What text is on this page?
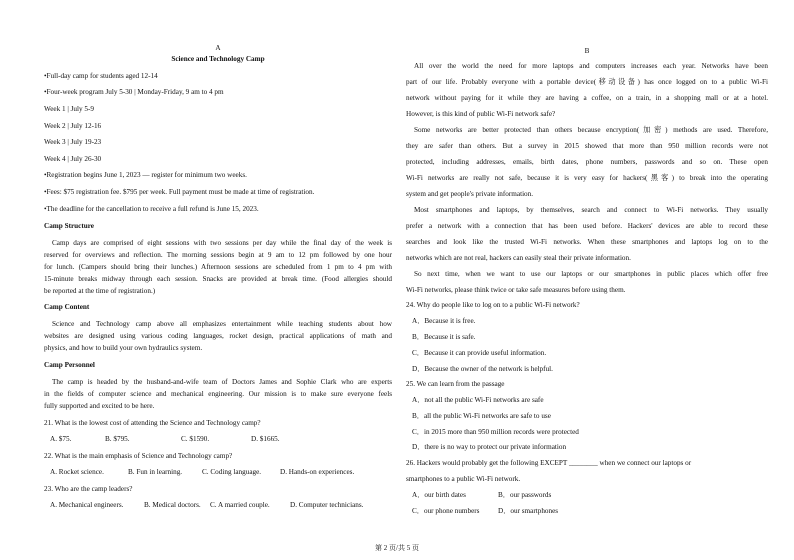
A
Science and Technology Camp
•Full-day camp for students aged 12-14
•Four-week program July 5-30 | Monday-Friday, 9 am to 4 pm
Week 1 | July 5-9
Week 2 | July 12-16
Week 3 | July 19-23
Week 4 | July 26-30
•Registration begins June 1, 2023 — register for minimum two weeks.
•Fees: $75 registration fee. $795 per week. Full payment must be made at time of registration.
•The deadline for the cancellation to receive a full refund is June 15, 2023.
Camp Structure
Camp days are comprised of eight sessions with two sessions per day while the final day of the week is
reserved for overviews and reflection. The morning sessions begin at 9 am to 12 pm followed by one hour
for lunch. (Campers should bring their lunches.) Afternoon sessions are scheduled from 1 pm to 4 pm with
15-minute breaks midway through each session. Snacks are provided at break time. (Food allergies should
be reported at the time of registration.)
Camp Content
Science and Technology camp above all emphasizes entertainment while teaching students about how
websites are designed using various coding languages, rocket design, practical applications of math and
physics, and how to build your own hydraulics system.
Camp Personnel
The camp is headed by the husband-and-wife team of Doctors James and Sophie Clark who are experts
in the fields of computer science and mechanical engineering. Our mission is to make sure everyone feels
fully supported and excited to be here.
21. What is the lowest cost of attending the Science and Technology camp?
A. $75.	B. $795.	C. $1590.	D. $1665.
22. What is the main emphasis of Science and Technology camp?
A. Rocket science.	B. Fun in learning.	C. Coding language.	D. Hands-on experiences.
23. Who are the camp leaders?
A. Mechanical engineers.	B. Medical doctors.	C. A married couple.	D. Computer technicians.
B
All over the world the need for more laptops and computers increases each year. Networks have been
part of our life. Probably everyone with a portable device(移动设备) has once logged on to a public Wi-Fi
network without paying for it while they are having a coffee, on a train, in a shopping mall or at a hotel.
However, is this kind of public Wi-Fi network safe?
Some networks are better protected than others because encryption(加密) methods are used. Therefore,
they are safer than others. But a survey in 2015 showed that more than 950 million records were not
protected, including addresses, emails, birth dates, phone numbers, passwords and so on. These open
Wi-Fi networks are really not safe, because it is very easy for hackers(黑客) to break into the operating
system and get people's private information.
Most smartphones and laptops, by themselves, search and connect to Wi-Fi networks. They usually
prefer a network with a connection that has been used before. Hackers' devices are able to record these
searches and look like the trusted Wi-Fi networks. When these smartphones and laptops log on to the
networks which are not real, hackers can easily steal their private information.
So next time, when we want to use our laptops or our smartphones in public places which offer free
Wi-Fi networks, please think twice or take safe measures before using them.
24. Why do people like to log on to a public Wi-Fi network?
A．Because it is free.
B．Because it is safe.
C．Because it can provide useful information.
D．Because the owner of the network is helpful.
25. We can learn from the passage
A．not all the public Wi-Fi networks are safe
B．all the public Wi-Fi networks are safe to use
C．in 2015 more than 950 million records were protected
D．there is no way to protect our private information
26. Hackers would probably get the following EXCEPT ________ when we connect our laptops or
smartphones to a public Wi-Fi network.
A．our birth dates	B．our passwords
C．our phone numbers	D．our smartphones
第 2 页/共 5 页
